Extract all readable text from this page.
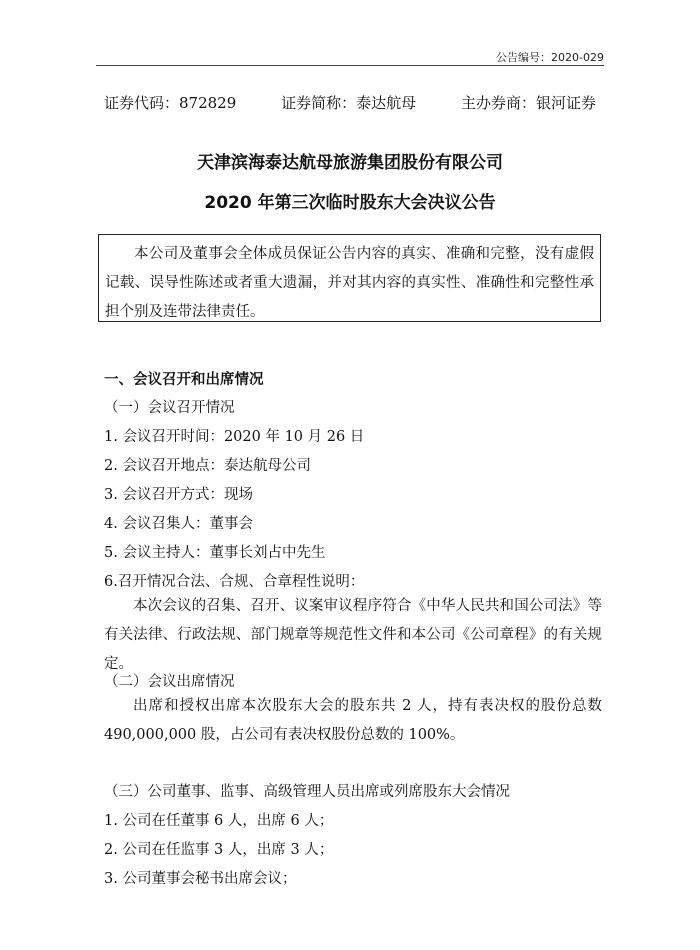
公告编号：2020-029
证券代码：872829	证券简称：泰达航母	主办券商：银河证券
天津滨海泰达航母旅游集团股份有限公司
2020 年第三次临时股东大会决议公告
本公司及董事会全体成员保证公告内容的真实、准确和完整，没有虚假记载、误导性陈述或者重大遗漏，并对其内容的真实性、准确性和完整性承担个别及连带法律责任。
一、会议召开和出席情况
（一）会议召开情况
1. 会议召开时间：2020 年 10 月 26 日
2. 会议召开地点：泰达航母公司
3. 会议召开方式：现场
4. 会议召集人：董事会
5. 会议主持人：董事长刘占中先生
6.召开情况合法、合规、合章程性说明：
本次会议的召集、召开、议案审议程序符合《中华人民共和国公司法》等有关法律、行政法规、部门规章等规范性文件和本公司《公司章程》的有关规定。
（二）会议出席情况
出席和授权出席本次股东大会的股东共 2 人，持有表决权的股份总数490,000,000 股，占公司有表决权股份总数的 100%。
（三）公司董事、监事、高级管理人员出席或列席股东大会情况
1. 公司在任董事 6 人，出席 6 人；
2. 公司在任监事 3 人，出席 3 人；
3. 公司董事会秘书出席会议；
